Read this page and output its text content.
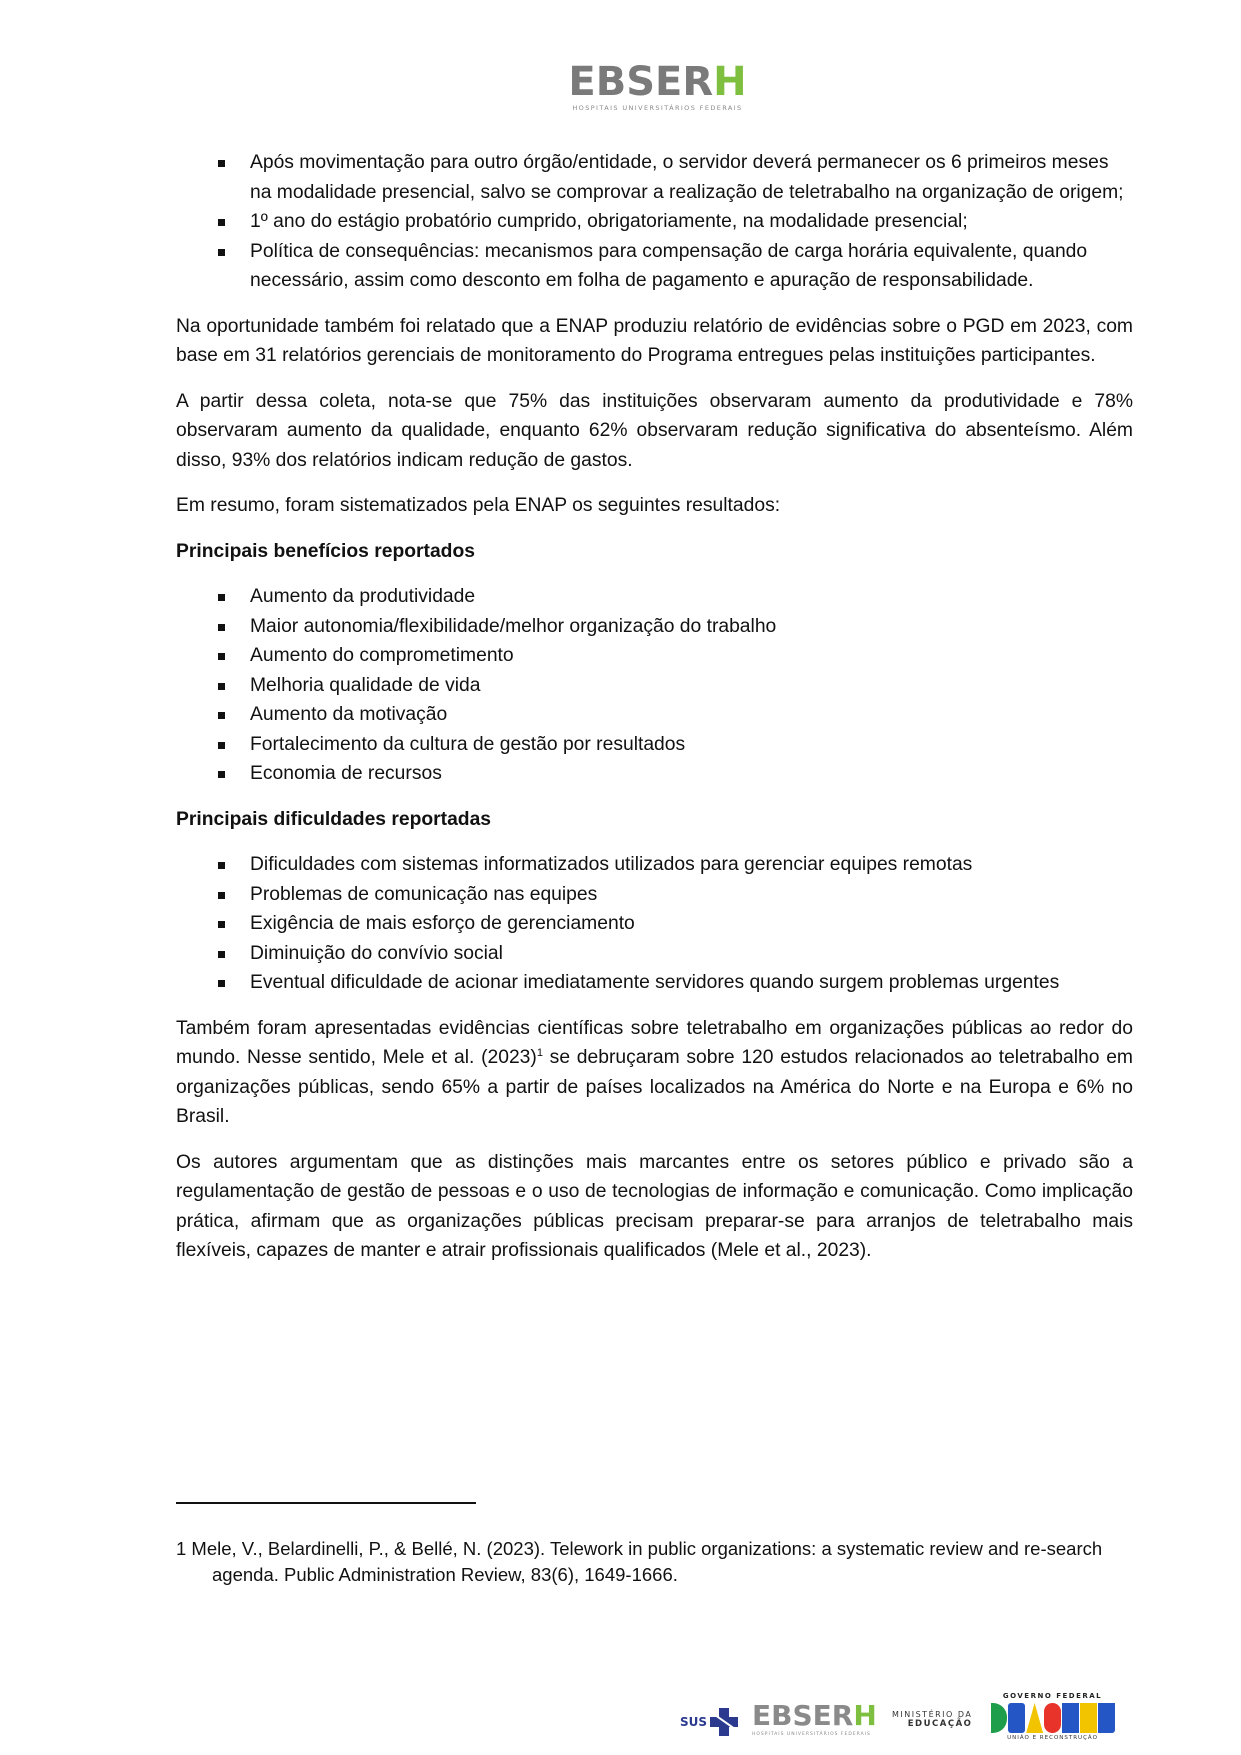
EBSERH
HOSPITAIS UNIVERSITÁRIOS FEDERAIS
Após movimentação para outro órgão/entidade, o servidor deverá permanecer os 6 primeiros meses na modalidade presencial, salvo se comprovar a realização de teletrabalho na organização de origem;
1º ano do estágio probatório cumprido, obrigatoriamente, na modalidade presencial;
Política de consequências: mecanismos para compensação de carga horária equivalente, quando necessário, assim como desconto em folha de pagamento e apuração de responsabilidade.

Na oportunidade também foi relatado que a ENAP produziu relatório de evidências sobre o PGD em 2023, com base em 31 relatórios gerenciais de monitoramento do Programa entregues pelas instituições participantes.

A partir dessa coleta, nota-se que 75% das instituições observaram aumento da produtividade e 78% observaram aumento da qualidade, enquanto 62% observaram redução significativa do absenteísmo. Além disso, 93% dos relatórios indicam redução de gastos.

Em resumo, foram sistematizados pela ENAP os seguintes resultados:

Principais benefícios reportados
Aumento da produtividade
Maior autonomia/flexibilidade/melhor organização do trabalho
Aumento do comprometimento
Melhoria qualidade de vida
Aumento da motivação
Fortalecimento da cultura de gestão por resultados
Economia de recursos
Principais dificuldades reportadas
Dificuldades com sistemas informatizados utilizados para gerenciar equipes remotas
Problemas de comunicação nas equipes
Exigência de mais esforço de gerenciamento
Diminuição do convívio social
Eventual dificuldade de acionar imediatamente servidores quando surgem problemas urgentes

Também foram apresentadas evidências científicas sobre teletrabalho em organizações públicas ao redor do mundo. Nesse sentido, Mele et al. $(2023)^1$ se debruçaram sobre 120 estudos relacionados ao teletrabalho em organizações públicas, sendo 65% a partir de países localizados na América do Norte e na Europa e 6% no Brasil.

Os autores argumentam que as distinções mais marcantes entre os setores público e privado são a regulamentação de gestão de pessoas e o uso de tecnologias de informação e comunicação. Como implicação prática, afirmam que as organizações públicas precisam preparar-se para arranjos de teletrabalho mais flexíveis, capazes de manter e atrair profissionais qualificados (Mele et al., 2023).

1 Mele, V., Belardinelli, P., & Bellé, N. (2023). Telework in public organizations: a systematic review and re-search agenda. Public Administration Review, 83(6), 1649-1666.
SUS EBSERH
HOSPITAIS UNIVERSITÁRIOS FEDERAIS
MINISTÉRIO DA
EDUCAÇÃO
GOVERNO FEDERAL
UNIÃO E RECONSTRUÇÃO
